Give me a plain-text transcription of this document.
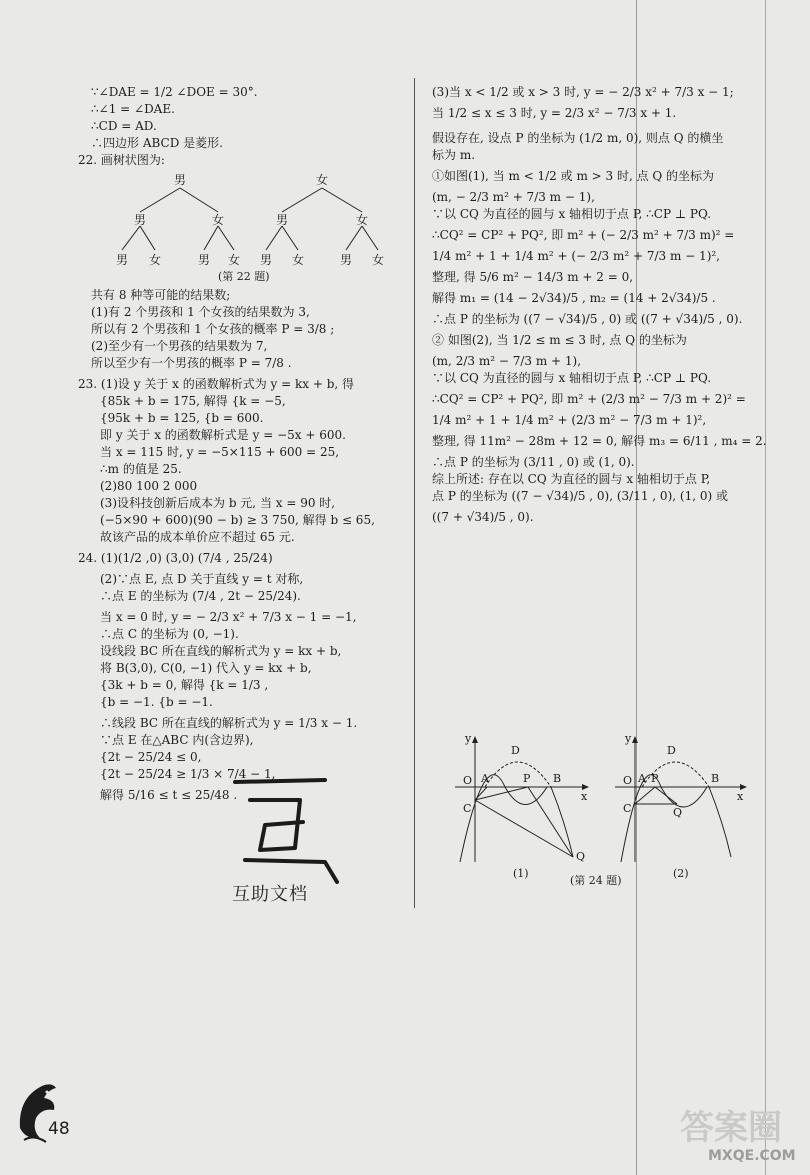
∵∠DAE = 1/2 ∠DOE = 30°.
∴∠1 = ∠DAE.
∴CD = AD.
∴四边形 ABCD 是菱形.
22. 画树状图为:
共有 8 种等可能的结果数;
(1)有 2 个男孩和 1 个女孩的结果数为 3,
所以有 2 个男孩和 1 个女孩的概率 P = 3/8 ;
(2)至少有一个男孩的结果数为 7,
所以至少有一个男孩的概率 P = 7/8 .
23. (1)设 y 关于 x 的函数解析式为 y = kx + b, 得
{85k + b = 175, 解得 {k = −5,
{95k + b = 125, {b = 600.
即 y 关于 x 的函数解析式是 y = −5x + 600.
当 x = 115 时, y = −5×115 + 600 = 25,
∴m 的值是 25.
(2)80 100 2 000
(3)设科技创新后成本为 b 元, 当 x = 90 时,
(−5×90 + 600)(90 − b) ≥ 3 750, 解得 b ≤ 65,
故该产品的成本单价应不超过 65 元.
24. (1)(1/2 ,0) (3,0) (7/4 , 25/24)
(2)∵点 E, 点 D 关于直线 y = t 对称,
∴点 E 的坐标为 (7/4 , 2t − 25/24).
当 x = 0 时, y = − 2/3 x² + 7/3 x − 1 = −1,
∴点 C 的坐标为 (0, −1).
设线段 BC 所在直线的解析式为 y = kx + b,
将 B(3,0), C(0, −1) 代入 y = kx + b,
{3k + b = 0, 解得 {k = 1/3 ,
{b = −1. {b = −1.
∴线段 BC 所在直线的解析式为 y = 1/3 x − 1.
∵点 E 在△ABC 内(含边界),
{2t − 25/24 ≤ 0,
{2t − 25/24 ≥ 1/3 × 7/4 − 1,
解得 5/16 ≤ t ≤ 25/48 .
男	女
男	女	男	女
男 女	男 女 男 女	男 女
(第 22 题)
(3)当 x < 1/2 或 x > 3 时, y = − 2/3 x² + 7/3 x − 1;
当 1/2 ≤ x ≤ 3 时, y = 2/3 x² − 7/3 x + 1.
假设存在, 设点 P 的坐标为 (1/2 m, 0), 则点 Q 的横坐
标为 m.
①如图(1), 当 m < 1/2 或 m > 3 时, 点 Q 的坐标为
(m, − 2/3 m² + 7/3 m − 1),
∵以 CQ 为直径的圆与 x 轴相切于点 P, ∴CP ⊥ PQ.
∴CQ² = CP² + PQ², 即 m² + (− 2/3 m² + 7/3 m)² =
1/4 m² + 1 + 1/4 m² + (− 2/3 m² + 7/3 m − 1)²,
整理, 得 5/6 m² − 14/3 m + 2 = 0,
解得 m₁ = (14 − 2√34)/5 , m₂ = (14 + 2√34)/5 .
∴点 P 的坐标为 ((7 − √34)/5 , 0) 或 ((7 + √34)/5 , 0).
② 如图(2), 当 1/2 ≤ m ≤ 3 时, 点 Q 的坐标为
(m, 2/3 m² − 7/3 m + 1),
∵以 CQ 为直径的圆与 x 轴相切于点 P, ∴CP ⊥ PQ.
∴CQ² = CP² + PQ², 即 m² + (2/3 m² − 7/3 m + 2)² =
1/4 m² + 1 + 1/4 m² + (2/3 m² − 7/3 m + 1)²,
整理, 得 11m² − 28m + 12 = 0, 解得 m₃ = 6/11 , m₄ = 2.
∴点 P 的坐标为 (3/11 , 0) 或 (1, 0).
综上所述: 存在以 CQ 为直径的圆与 x 轴相切于点 P,
点 P 的坐标为 ((7 − √34)/5 , 0), (3/11 , 0), (1, 0) 或
((7 + √34)/5 , 0).
y
x
O A	P B
C
D
Q
(1)
y
x
O A P	B
C
D
Q
(2)
(第 24 题)
互助文档
48	答案圈
MXQE.COM
